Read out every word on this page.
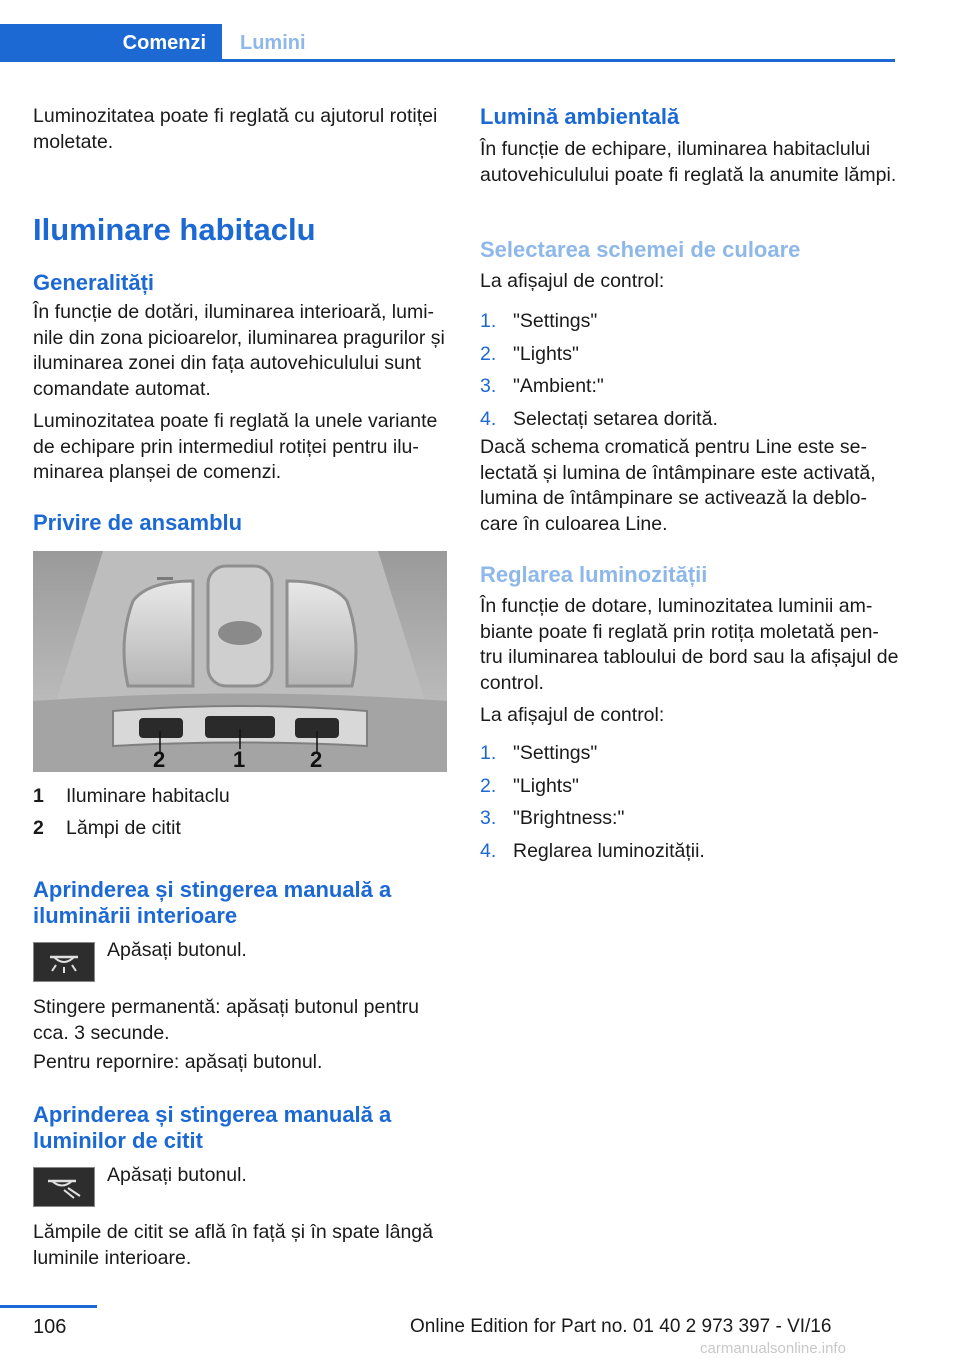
Comenzi	Lumini

Luminozitatea poate fi reglată cu ajutorul rotiței moletate.

Iluminare habitaclu
Generalități

În funcție de dotări, iluminarea interioară, lumi-nile din zona picioarelor, iluminarea pragurilor și iluminarea zonei din fața autovehiculului sunt comandate automat.

Luminozitatea poate fi reglată la unele variante de echipare prin intermediul rotiței pentru ilu-minarea planșei de comenzi.

Privire de ansamblu
2	1	2
1 Iluminare habitaclu
2 Lămpi de citit
Aprinderea și stingerea manuală a iluminării interioare

Apăsați butonul.

Stingere permanentă: apăsați butonul pentru cca. 3 secunde.

Pentru repornire: apăsați butonul.

Aprinderea și stingerea manuală a luminilor de citit

Apăsați butonul.

Lămpile de citit se află în față și în spate lângă luminile interioare.

Lumină ambientală

În funcție de echipare, iluminarea habitaclului autovehiculului poate fi reglată la anumite lămpi.

Selectarea schemei de culoare

La afișajul de control:

1. "Settings"
2. "Lights"
3. "Ambient:"
4. Selectați setarea dorită.

Dacă schema cromatică pentru Line este se-lectată și lumina de întâmpinare este activată, lumina de întâmpinare se activează la deblo-care în culoarea Line.

Reglarea luminozității

În funcție de dotare, luminozitatea luminii am-biante poate fi reglată prin rotița moletată pen-tru iluminarea tabloului de bord sau la afișajul de control.

La afișajul de control:

1. "Settings"
2. "Lights"
3. "Brightness:"
4. Reglarea luminozității.
106	Online Edition for Part no. 01 40 2 973 397 - VI/16
carmanualsonline.info
